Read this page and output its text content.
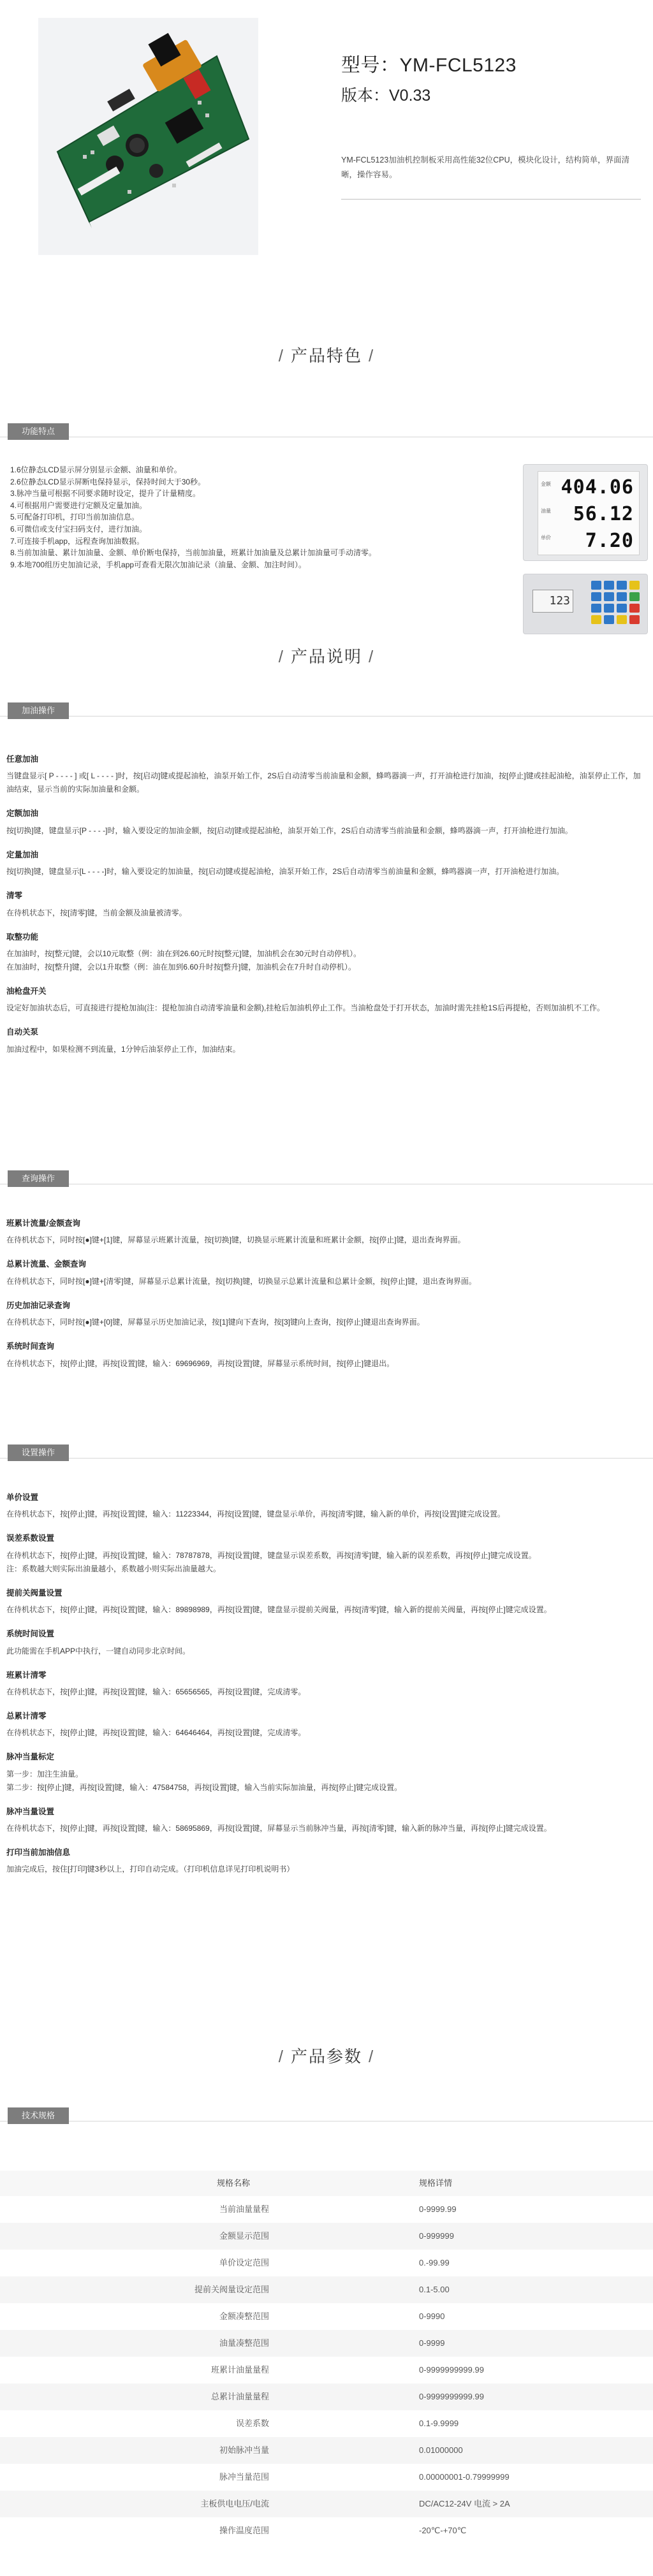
型号：YM-FCL5123
版本：V0.33
YM-FCL5123加油机控制板采用高性能32位CPU，模块化设计，结构简单，界面清晰，操作容易。
/ 产品特色 /
功能特点

1.6位静态LCD显示屏分别显示金额、油量和单价。

2.6位静态LCD显示屏断电保持显示，保持时间大于30秒。

3.脉冲当量可根据不同要求随时设定，提升了计量精度。

4.可根据用户需要进行定额及定量加油。

5.可配备打印机，打印当前加油信息。

6.可微信或支付宝扫码支付，进行加油。

7.可连接手机app，远程查询加油数据。

8.当前加油量、累计加油量、金额、单价断电保持，当前加油量，班累计加油量及总累计加油量可手动清零。

9.本地700组历史加油记录，手机app可查看无限次加油记录（油量、金额、加注时间）。

金额
油量
单价
404.06
56.12
7.20
123
/ 产品说明 /
加油操作

任意加油

当键盘显示[ P - - - - ] 或[ L - - - - ]时，按[启动]键或提起油枪，油泵开始工作，2S后自动清零当前油量和金额，蜂鸣器滴一声，打开油枪进行加油，按[停止]键或挂起油枪，油泵停止工作，加油结束，显示当前的实际加油量和金额。

定额加油

按[切换]键，键盘显示[P - - - -]时，输入要设定的加油金额，按[启动]键或提起油枪，油泵开始工作，2S后自动清零当前油量和金额，蜂鸣器滴一声，打开油枪进行加油。

定量加油

按[切换]键，键盘显示[L - - - -]时，输入要设定的加油量，按[启动]键或提起油枪，油泵开始工作，2S后自动清零当前油量和金额，蜂鸣器滴一声，打开油枪进行加油。

清零

在待机状态下，按[清零]键，当前金额及油量被清零。

取整功能

在加油时，按[整元]键，会以10元取整（例：油在到26.60元时按[整元]键，加油机会在30元时自动停机）。
在加油时，按[整升]键，会以1升取整（例：油在加到6.60升时按[整升]键，加油机会在7升时自动停机）。

油枪盘开关

设定好加油状态后，可直接进行提枪加油(注：提枪加油自动清零油量和金额),挂枪后加油机停止工作。当油枪盘处于打开状态，加油时需先挂枪1S后再提枪，否则加油机不工作。

自动关泵

加油过程中，如果检测不到流量，1分钟后油泵停止工作，加油结束。

查询操作

班累计流量/金额查询

在待机状态下，同时按[●]键+[1]键，屏幕显示班累计流量，按[切换]键，切换显示班累计流量和班累计金额，按[停止]键，退出查询界面。

总累计流量、金额查询

在待机状态下，同时按[●]键+[清零]键，屏幕显示总累计流量，按[切换]键，切换显示总累计流量和总累计金额，按[停止]键，退出查询界面。

历史加油记录查询

在待机状态下，同时按[●]键+[0]键，屏幕显示历史加油记录，按[1]键向下查询，按[3]键向上查询，按[停止]键退出查询界面。

系统时间查询

在待机状态下，按[停止]键，再按[设置]键，输入：69696969，再按[设置]键，屏幕显示系统时间，按[停止]键退出。

设置操作

单价设置

在待机状态下，按[停止]键，再按[设置]键，输入：11223344，再按[设置]键，键盘显示单价，再按[清零]键，输入新的单价，再按[设置]键完成设置。

误差系数设置

在待机状态下，按[停止]键，再按[设置]键，输入：78787878，再按[设置]键，键盘显示误差系数，再按[清零]键，输入新的误差系数，再按[停止]键完成设置。
注：系数越大则实际出油量越小，系数越小则实际出油量越大。

提前关阀量设置

在待机状态下，按[停止]键，再按[设置]键，输入：89898989，再按[设置]键，键盘显示提前关阀量，再按[清零]键，输入新的提前关阀量，再按[停止]键完成设置。

系统时间设置

此功能需在手机APP中执行，一键自动同步北京时间。

班累计清零

在待机状态下，按[停止]键，再按[设置]键，输入：65656565，再按[设置]键，完成清零。

总累计清零

在待机状态下，按[停止]键，再按[设置]键，输入：64646464，再按[设置]键，完成清零。

脉冲当量标定

第一步：加注生油量。
第二步：按[停止]键，再按[设置]键，输入：47584758，再按[设置]键，输入当前实际加油量，再按[停止]键完成设置。

脉冲当量设置

在待机状态下，按[停止]键，再按[设置]键，输入：58695869，再按[设置]键，屏幕显示当前脉冲当量，再按[清零]键，输入新的脉冲当量，再按[停止]键完成设置。

打印当前加油信息

加油完成后，按住[打印]键3秒以上，打印自动完成。（打印机信息详见打印机说明书）

/ 产品参数 /
技术规格
规格名称	规格详情
当前油量量程	0-9999.99
金额显示范围	0-999999
单价设定范围	0.-99.99
提前关阀量设定范围	0.1-5.00
金额凑整范围	0-9990
油量凑整范围	0-9999
班累计油量量程	0-9999999999.99
总累计油量量程	0-9999999999.99
误差系数	0.1-9.9999
初始脉冲当量	0.01000000
脉冲当量范围	0.00000001-0.79999999
主板供电电压/电流	DC/AC12-24V 电流 > 2A
操作温度范围	-20℃-+70℃
